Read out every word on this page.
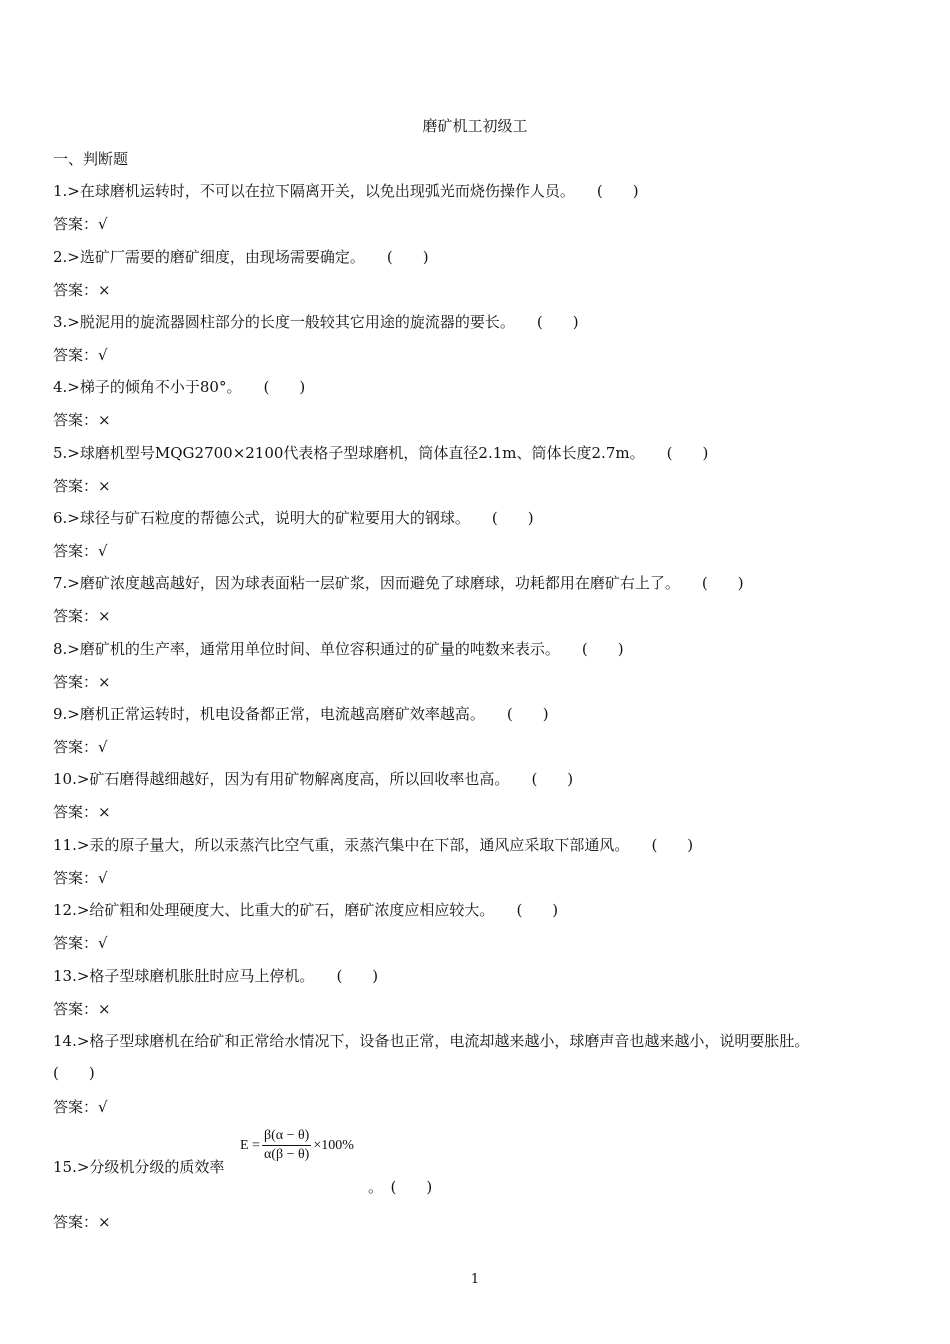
磨矿机工初级工
一、判断题
1.>在球磨机运转时，不可以在拉下隔离开关，以免出现弧光而烧伤操作人员。 (　　)
答案：√
2.>选矿厂需要的磨矿细度，由现场需要确定。 (　　)
答案：×
3.>脱泥用的旋流器圆柱部分的长度一般较其它用途的旋流器的要长。 (　　)
答案：√
4.>梯子的倾角不小于80°。 (　　)
答案：×
5.>球磨机型号MQG2700×2100代表格子型球磨机，筒体直径2.1m、筒体长度2.7m。 (　　)
答案：×
6.>球径与矿石粒度的帮德公式，说明大的矿粒要用大的钢球。 (　　)
答案：√
7.>磨矿浓度越高越好，因为球表面粘一层矿浆，因而避免了球磨球，功耗都用在磨矿右上了。 (　　)
答案：×
8.>磨矿机的生产率，通常用单位时间、单位容积通过的矿量的吨数来表示。 (　　)
答案：×
9.>磨机正常运转时，机电设备都正常，电流越高磨矿效率越高。 (　　)
答案：√
10.>矿石磨得越细越好，因为有用矿物解离度高，所以回收率也高。 (　　)
答案：×
11.>汞的原子量大，所以汞蒸汽比空气重，汞蒸汽集中在下部，通风应采取下部通风。 (　　)
答案：√
12.>给矿粗和处理硬度大、比重大的矿石，磨矿浓度应相应较大。 (　　)
答案：√
13.>格子型球磨机胀肚时应马上停机。 (　　)
答案：×
14.>格子型球磨机在给矿和正常给水情况下，设备也正常，电流却越来越小，球磨声音也越来越小，说明要胀肚。
(　　)
答案：√
15.>分级机分级的质效率
$E = \frac{\beta(\alpha - \theta)}{\alpha(\beta - \theta)} \times 100\%$
。　(　　)
答案：×
1
